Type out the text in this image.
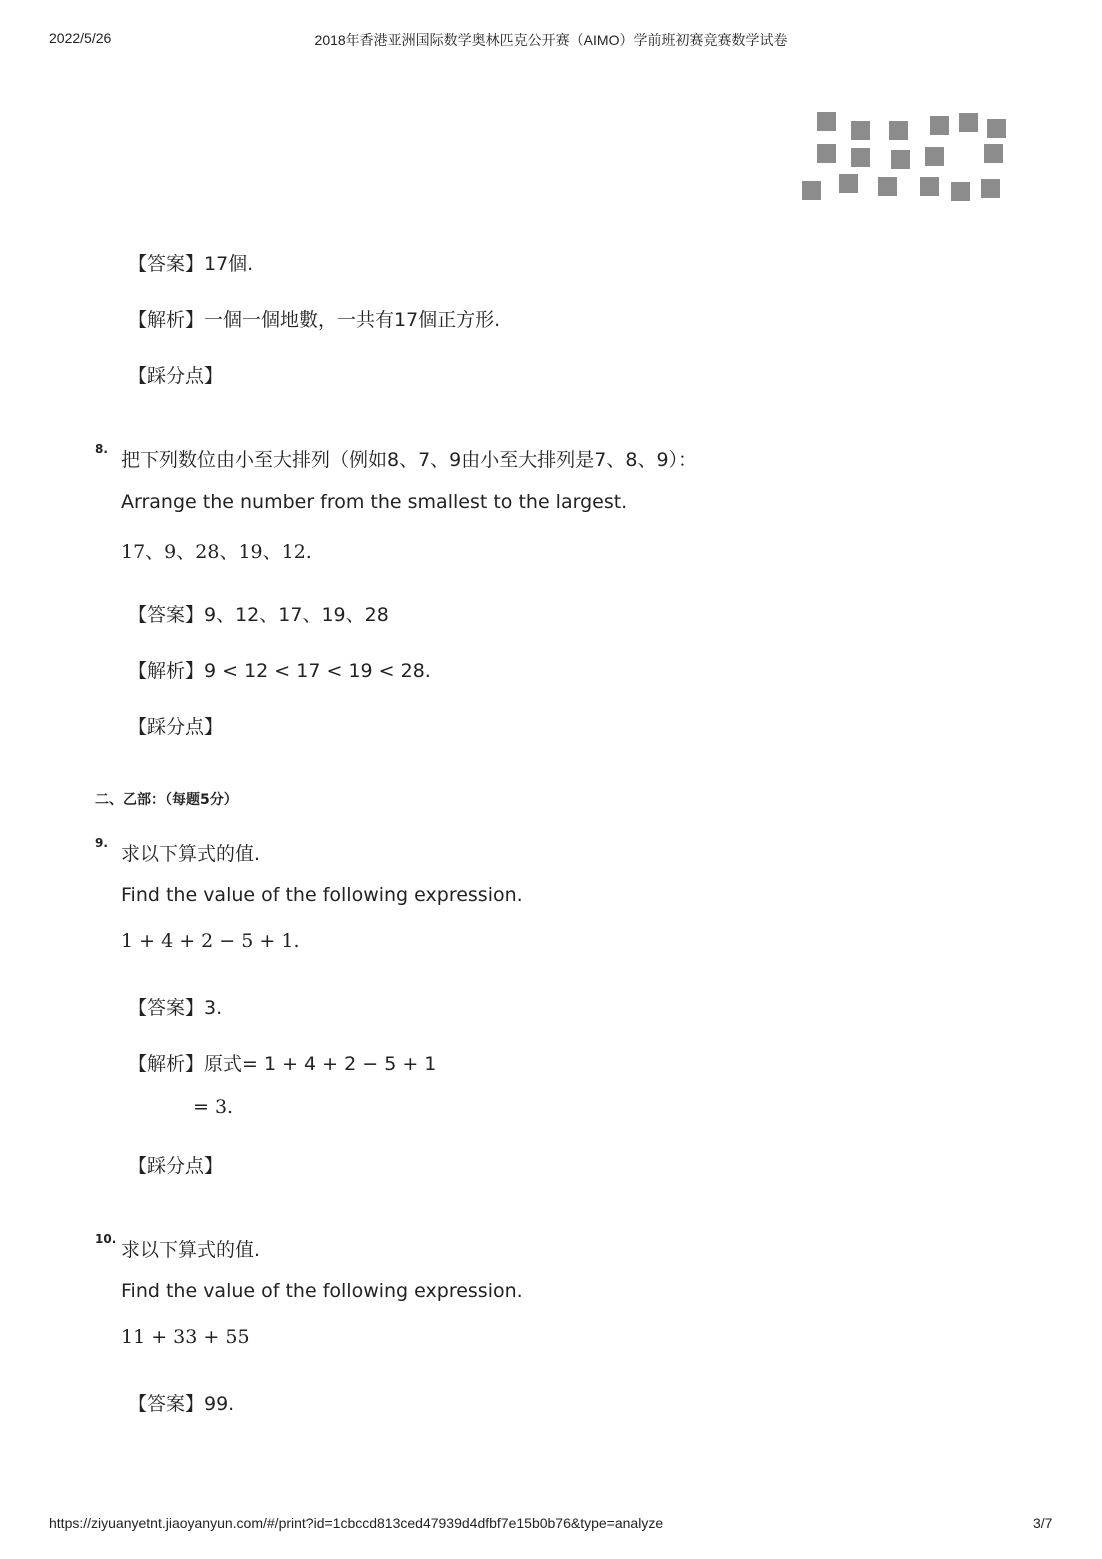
2022/5/26	2018年香港亚洲国际数学奥林匹克公开赛（AIMO）学前班初赛竞赛数学试卷
【答案】17個.
【解析】一個一個地數，一共有17個正方形.
【踩分点】
8. 把下列数位由小至大排列（例如8、7、9由小至大排列是7、8、9）：
Arrange the number from the smallest to the largest.
17、9、28、19、12.
【答案】9、12、17、19、28
【解析】9 < 12 < 17 < 19 < 28.
【踩分点】
二、乙部：（每题5分）
9. 求以下算式的值.
Find the value of the following expression.
1 + 4 + 2 − 5 + 1.
【答案】3.
【解析】原式= 1 + 4 + 2 − 5 + 1
= 3.
【踩分点】
10. 求以下算式的值.
Find the value of the following expression.
11 + 33 + 55
【答案】99.
https://ziyuanyetnt.jiaoyanyun.com/#/print?id=1cbccd813ced47939d4dfbf7e15b0b76&type=analyze	3/7
